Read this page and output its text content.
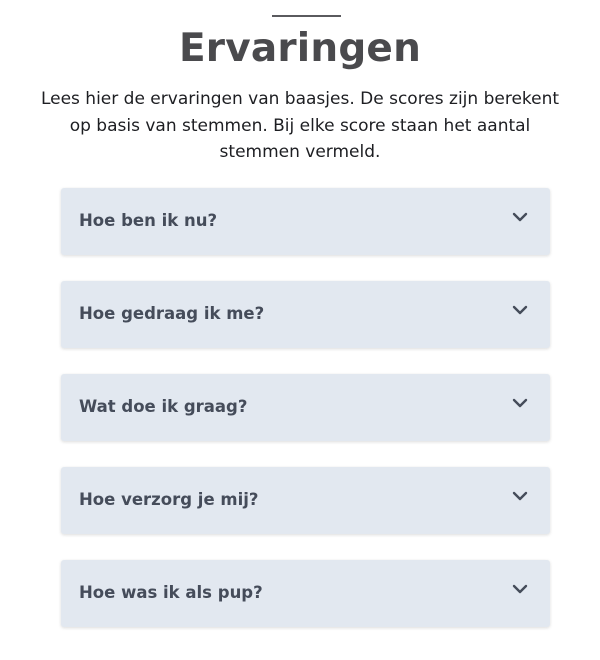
Ervaringen

Lees hier de ervaringen van baasjes. De scores zijn berekent op basis van stemmen. Bij elke score staan het aantal stemmen vermeld.

Hoe ben ik nu?
Hoe gedraag ik me?
Wat doe ik graag?
Hoe verzorg je mij?
Hoe was ik als pup?
